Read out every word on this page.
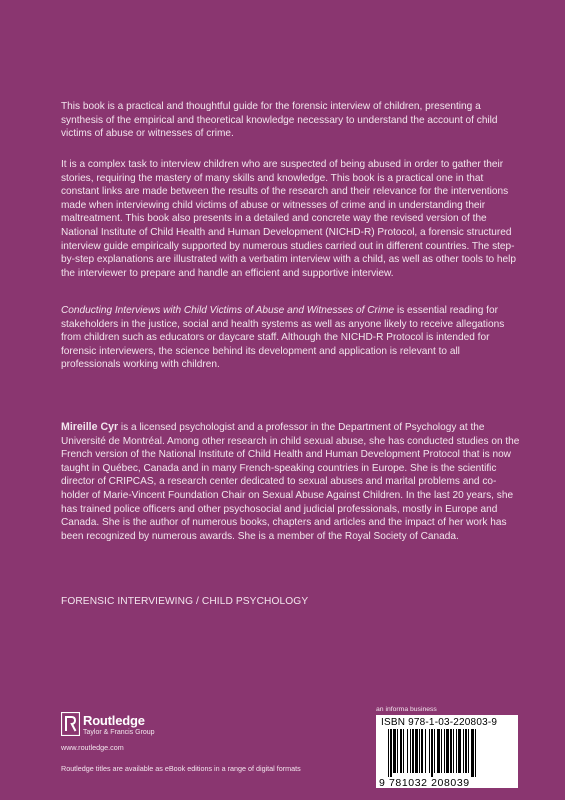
This book is a practical and thoughtful guide for the forensic interview of children, presenting a synthesis of the empirical and theoretical knowledge necessary to understand the account of child victims of abuse or witnesses of crime.

It is a complex task to interview children who are suspected of being abused in order to gather their stories, requiring the mastery of many skills and knowledge. This book is a practical one in that constant links are made between the results of the research and their relevance for the interventions made when interviewing child victims of abuse or witnesses of crime and in understanding their maltreatment. This book also presents in a detailed and concrete way the revised version of the National Institute of Child Health and Human Development (NICHD-R) Protocol, a forensic structured interview guide empirically supported by numerous studies carried out in different countries. The step-by-step explanations are illustrated with a verbatim interview with a child, as well as other tools to help the interviewer to prepare and handle an efficient and supportive interview.

Conducting Interviews with Child Victims of Abuse and Witnesses of Crime is essential reading for stakeholders in the justice, social and health systems as well as anyone likely to receive allegations from children such as educators or daycare staff. Although the NICHD-R Protocol is intended for forensic interviewers, the science behind its development and application is relevant to all professionals working with children.

Mireille Cyr is a licensed psychologist and a professor in the Department of Psychology at the Université de Montréal. Among other research in child sexual abuse, she has conducted studies on the French version of the National Institute of Child Health and Human Development Protocol that is now taught in Québec, Canada and in many French-speaking countries in Europe. She is the scientific director of CRIPCAS, a research center dedicated to sexual abuses and marital problems and co-holder of Marie-Vincent Foundation Chair on Sexual Abuse Against Children. In the last 20 years, she has trained police officers and other psychosocial and judicial professionals, mostly in Europe and Canada. She is the author of numerous books, chapters and articles and the impact of her work has been recognized by numerous awards. She is a member of the Royal Society of Canada.

FORENSIC INTERVIEWING / CHILD PSYCHOLOGY
Routledge
Taylor & Francis Group
www.routledge.com
Routledge titles are available as eBook editions in a range of digital formats
an informa business
ISBN 978-1-03-220803-9
9 781032 208039
